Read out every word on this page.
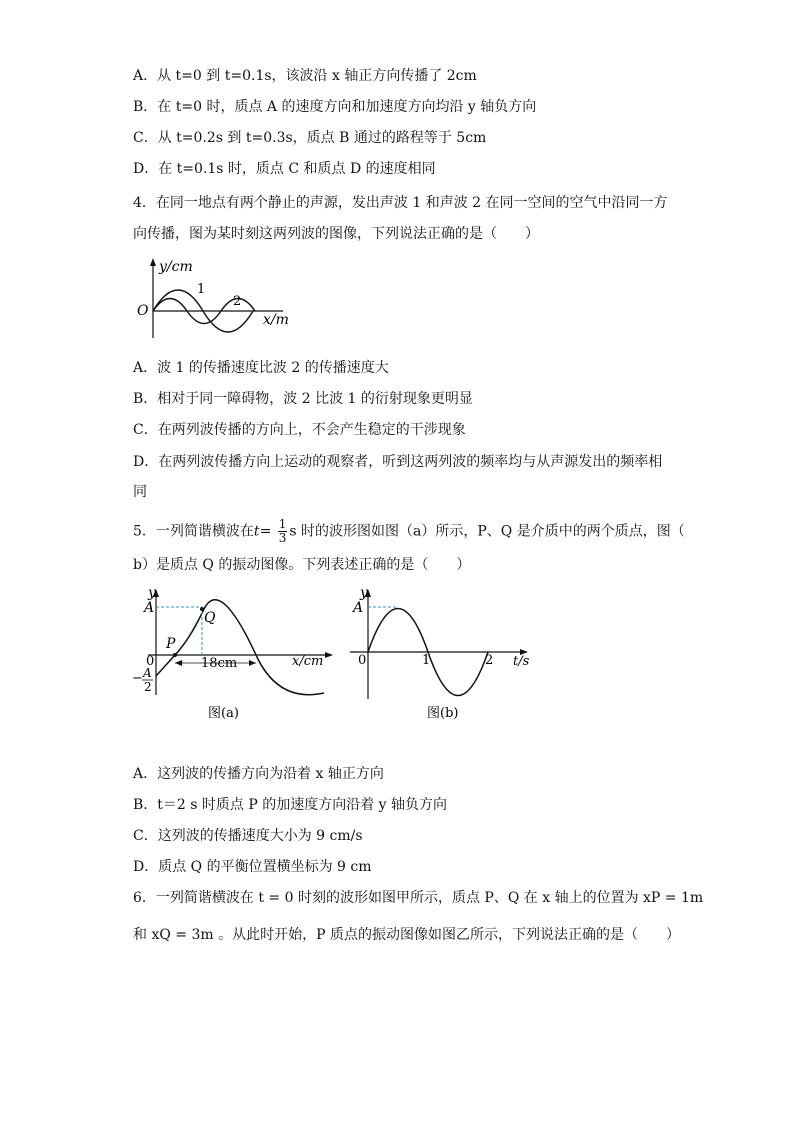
A．从 t=0 到 t=0.1s，该波沿 x 轴正方向传播了 2cm
B．在 t=0 时，质点 A 的速度方向和加速度方向均沿 y 轴负方向
C．从 t=0.2s 到 t=0.3s，质点 B 通过的路程等于 5cm
D．在 t=0.1s 时，质点 C 和质点 D 的速度相同
4．在同一地点有两个静止的声源，发出声波 1 和声波 2 在同一空间的空气中沿同一方
向传播，图为某时刻这两列波的图像，下列说法正确的是（　　）
y/cm
O
1
2
x/m
A．波 1 的传播速度比波 2 的传播速度大
B．相对于同一障碍物，波 2 比波 1 的衍射现象更明显
C．在两列波传播的方向上，不会产生稳定的干涉现象
D．在两列波传播方向上运动的观察者，听到这两列波的频率均与从声源发出的频率相
同
5．一列简谐横波在$t= \frac{1}{3}$ s 时的波形图如图（a）所示，P、Q 是介质中的两个质点，图（
b）是质点 Q 的振动图像。下列表述正确的是（　　）
y
A
Q
P
0	18cm	x/cm
− A
2
图(a)
y
A
0	1	2 t/s
图(b)
A．这列波的传播方向为沿着 x 轴正方向
B．t＝2 s 时质点 P 的加速度方向沿着 y 轴负方向
C．这列波的传播速度大小为 9 cm/s
D．质点 Q 的平衡位置横坐标为 9 cm
6．一列简谐横波在 t = 0 时刻的波形如图甲所示，质点 P、Q 在 x 轴上的位置为 xP = 1m
和 xQ = 3m 。从此时开始，P 质点的振动图像如图乙所示，下列说法正确的是（　　）
